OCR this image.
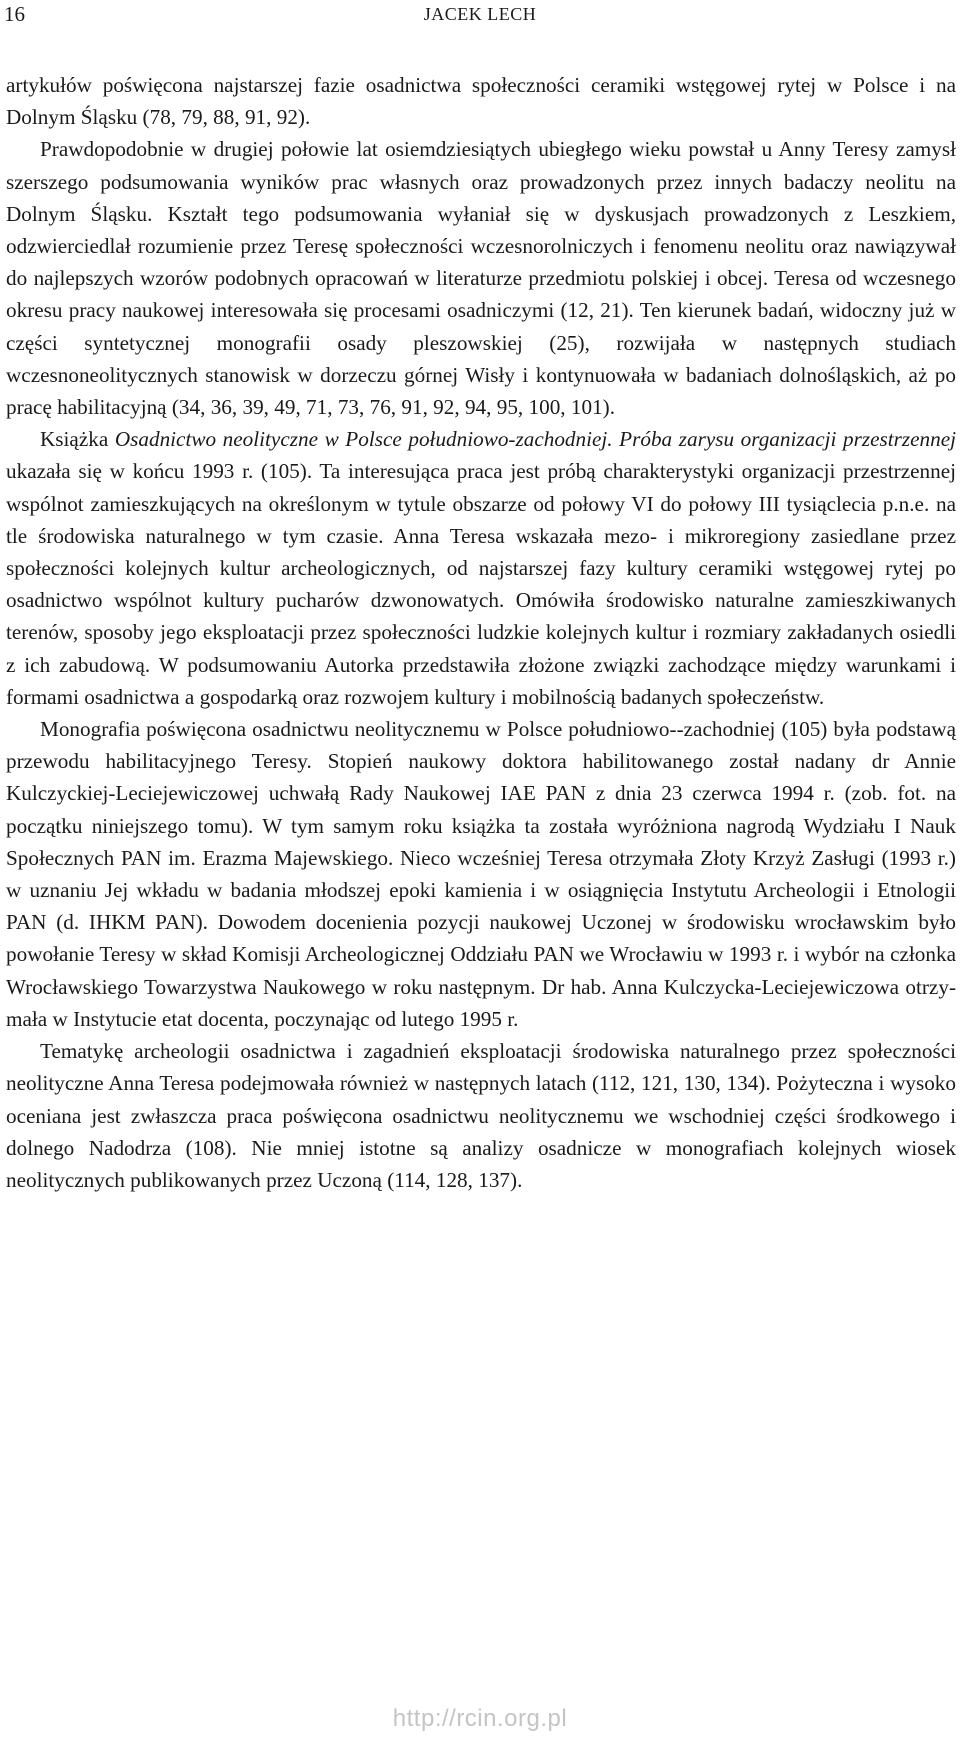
16	JACEK LECH

artykułów poświęcona najstarszej fazie osadnictwa społeczności ceramiki wstęgowej rytej w Polsce i na Dolnym Śląsku (78, 79, 88, 91, 92).

Prawdopodobnie w drugiej połowie lat osiemdziesiątych ubiegłego wieku powstał u Anny Teresy zamysł szerszego podsumowania wyników prac własnych oraz prowadzonych przez innych badaczy neolitu na Dolnym Śląsku. Kształt tego podsumowania wyłaniał się w dyskusjach prowadzonych z Leszkiem, odzwierciedlał rozumienie przez Teresę społeczności wczesnorolniczych i fenomenu neolitu oraz nawiązywał do najlepszych wzorów podobnych opracowań w literaturze przedmiotu polskiej i obcej. Teresa od wczesnego okresu pracy naukowej interesowała się procesami osadniczymi (12, 21). Ten kierunek badań, widoczny już w części syntetycznej monografii osady pleszowskiej (25), rozwijała w następnych studiach wczesnoneolitycznych stanowisk w dorzeczu górnej Wisły i kontynuowała w badaniach dolnośląskich, aż po pracę habilitacyjną (34, 36, 39, 49, 71, 73, 76, 91, 92, 94, 95, 100, 101).

Książka Osadnictwo neolityczne w Polsce południowo-zachodniej. Próba zarysu organizacji przestrzennej ukazała się w końcu 1993 r. (105). Ta interesująca praca jest próbą charakterystyki organizacji przestrzennej wspólnot zamieszkujących na określonym w tytule obszarze od połowy VI do połowy III tysiąclecia p.n.e. na tle środowiska naturalnego w tym czasie. Anna Teresa wskazała mezo- i mikroregiony zasiedlane przez społeczności kolejnych kultur archeologicznych, od najstarszej fazy kultury ceramiki wstęgowej rytej po osadnictwo wspólnot kultury pucharów dzwonowatych. Omówiła środowisko naturalne zamieszkiwanych terenów, sposoby jego eksploatacji przez społeczności ludzkie kolejnych kultur i rozmiary zakładanych osiedli z ich zabudową. W podsumowaniu Autorka przedstawiła złożone związki zachodzące między warunkami i formami osadnictwa a gospodarką oraz rozwojem kultury i mobilnością badanych społeczeństw.

Monografia poświęcona osadnictwu neolitycznemu w Polsce południowo--zachodniej (105) była podstawą przewodu habilitacyjnego Teresy. Stopień naukowy doktora habilitowanego został nadany dr Annie Kulczyckiej-Leciejewiczowej uchwałą Rady Naukowej IAE PAN z dnia 23 czerwca 1994 r. (zob. fot. na początku niniejszego tomu). W tym samym roku książka ta została wyróżniona nagrodą Wydziału I Nauk Społecznych PAN im. Erazma Majewskiego. Nieco wcześniej Teresa otrzymała Złoty Krzyż Zasługi (1993 r.) w uznaniu Jej wkładu w badania młodszej epoki kamienia i w osiągnięcia Instytutu Archeologii i Etnologii PAN (d. IHKM PAN). Dowodem docenienia pozycji naukowej Uczonej w środowisku wrocławskim było powołanie Teresy w skład Komisji Archeologicznej Oddziału PAN we Wrocławiu w 1993 r. i wybór na członka Wrocławskiego Towarzystwa Naukowego w roku następnym. Dr hab. Anna Kulczycka-Leciejewiczowa otrzymała w Instytucie etat docenta, poczynając od lutego 1995 r.

Tematykę archeologii osadnictwa i zagadnień eksploatacji środowiska naturalnego przez społeczności neolityczne Anna Teresa podejmowała również w następnych latach (112, 121, 130, 134). Pożyteczna i wysoko oceniana jest zwłaszcza praca poświęcona osadnictwu neolitycznemu we wschodniej części środkowego i dolnego Nadodrza (108). Nie mniej istotne są analizy osadnicze w monografiach kolejnych wiosek neolitycznych publikowanych przez Uczoną (114, 128, 137).

http://rcin.org.pl
